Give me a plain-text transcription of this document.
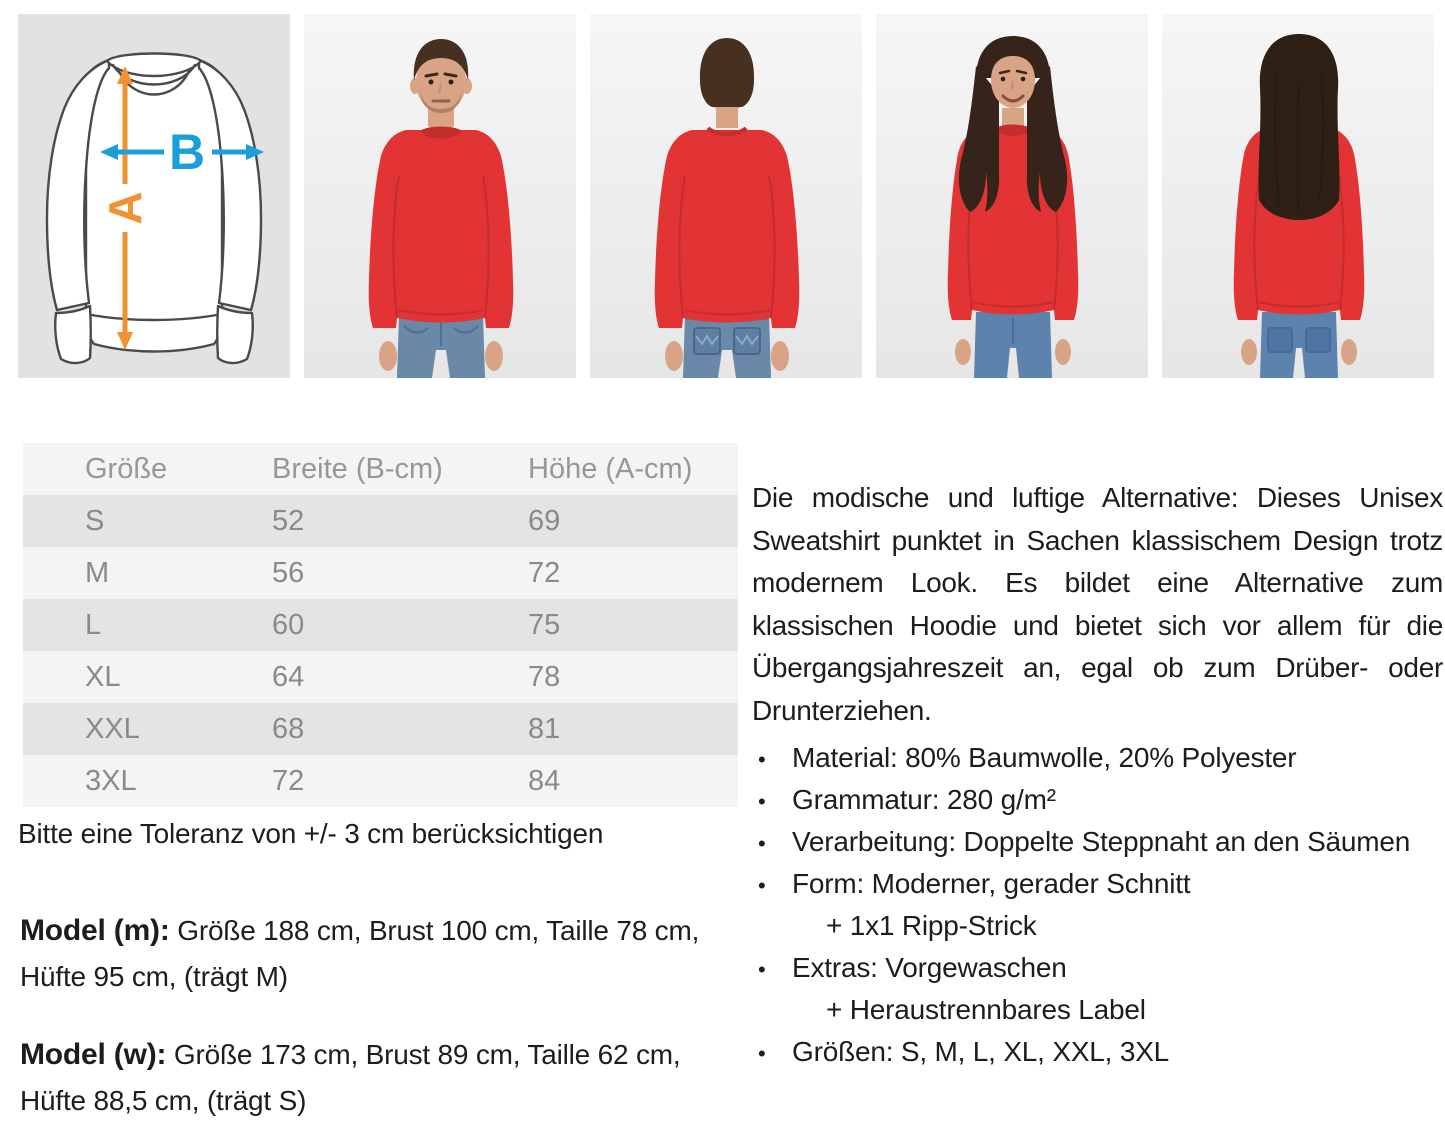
A
B
Größe	Breite (B-cm)	Höhe (A-cm)
S	52	69
M	56	72
L	60	75
XL	64	78
XXL	68	81
3XL	72	84
Bitte eine Toleranz von +/- 3 cm berücksichtigen
Model (m): Größe 188 cm, Brust 100 cm, Taille 78 cm, Hüfte 95 cm, (trägt M)
Model (w): Größe 173 cm, Brust 89 cm, Taille 62 cm, Hüfte 88,5 cm, (trägt S)

Die modische und luftige Alternative: Dieses Unisex Sweatshirt punktet in Sachen klassischem Design trotz modernem Look. Es bildet eine Alternative zum klassischen Hoodie und bietet sich vor allem für die Übergangsjahreszeit an, egal ob zum Drüber- oder Drunterziehen.

• Material: 80% Baumwolle, 20% Polyester
• Grammatur: 280 g/m²
• Verarbeitung: Doppelte Steppnaht an den Säumen
• Form: Moderner, gerader Schnitt
+ 1x1 Ripp-Strick
• Extras: Vorgewaschen
+ Heraustrennbares Label
• Größen: S, M, L, XL, XXL, 3XL
